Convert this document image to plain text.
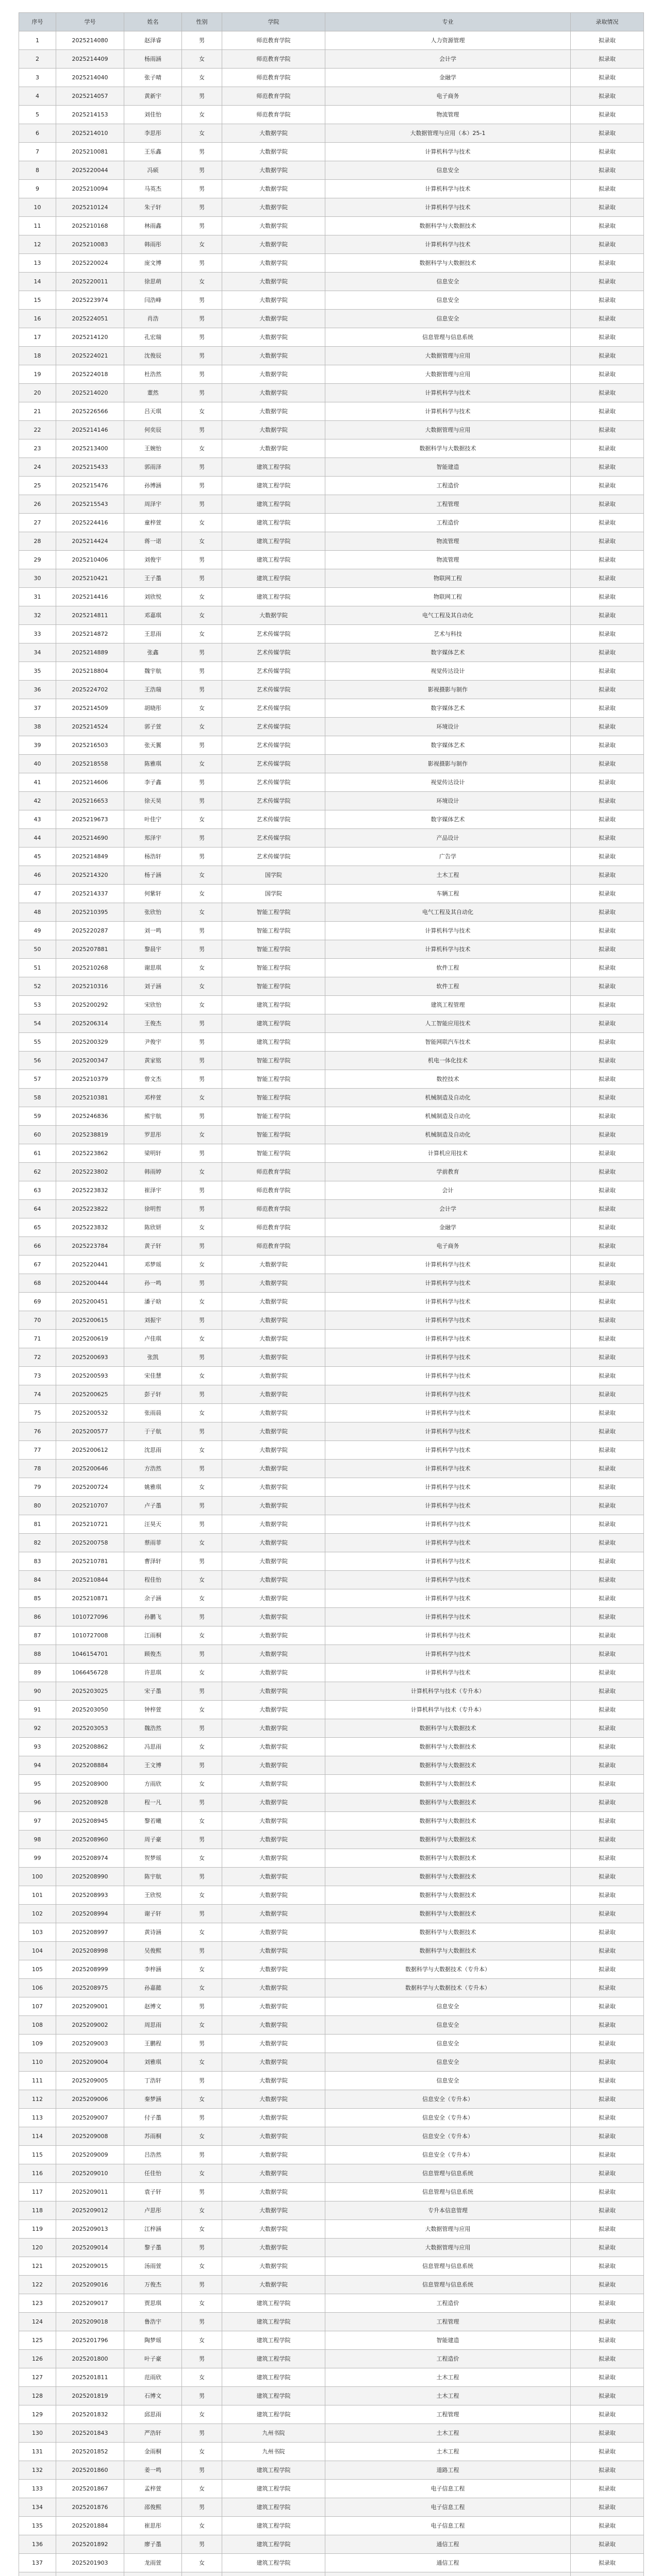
序号	学号	姓名	性别	学院	专业	录取情况
1	2025214080	赵泽睿	男	师范教育学院	人力资源管理	拟录取
2	2025214409	杨雨涵	女	师范教育学院	会计学	拟录取
3	2025214040	张子晴	女	师范教育学院	金融学	拟录取
4	2025214057	黄新宇	男	师范教育学院	电子商务	拟录取
5	2025214153	刘佳怡	女	师范教育学院	物流管理	拟录取
6	2025214010	李思彤	女	大数据学院	大数据管理与应用（本）25-1	拟录取
7	2025210081	王乐鑫	男	大数据学院	计算机科学与技术	拟录取
8	2025220044	冯硕	男	大数据学院	信息安全	拟录取
9	2025210094	马英杰	男	大数据学院	计算机科学与技术	拟录取
10	2025210124	朱子轩	男	大数据学院	计算机科学与技术	拟录取
11	2025210168	林雨鑫	男	大数据学院	数据科学与大数据技术	拟录取
12	2025210083	韩雨彤	女	大数据学院	计算机科学与技术	拟录取
13	2025220024	庞文博	男	大数据学院	数据科学与大数据技术	拟录取
14	2025220011	徐思萌	女	大数据学院	信息安全	拟录取
15	2025223974	闫浩峰	男	大数据学院	信息安全	拟录取
16	2025224051	肖浩	男	大数据学院	信息安全	拟录取
17	2025214120	孔宏瑞	男	大数据学院	信息管理与信息系统	拟录取
18	2025224021	沈俊辰	男	大数据学院	大数据管理与应用	拟录取
19	2025224018	杜浩然	男	大数据学院	大数据管理与应用	拟录取
20	2025214020	董然	男	大数据学院	计算机科学与技术	拟录取
21	2025226566	吕天琪	女	大数据学院	计算机科学与技术	拟录取
22	2025214146	何奕辰	男	大数据学院	大数据管理与应用	拟录取
23	2025213400	王婉怡	女	大数据学院	数据科学与大数据技术	拟录取
24	2025215433	郭雨泽	男	建筑工程学院	智能建造	拟录取
25	2025215476	孙博涵	男	建筑工程学院	工程造价	拟录取
26	2025215543	周泽宇	男	建筑工程学院	工程管理	拟录取
27	2025224416	童梓萱	女	建筑工程学院	工程造价	拟录取
28	2025214424	蒋一诺	女	建筑工程学院	物流管理	拟录取
29	2025210406	刘俊宇	男	建筑工程学院	物流管理	拟录取
30	2025210421	王子墨	男	建筑工程学院	物联网工程	拟录取
31	2025214416	刘欣悦	女	建筑工程学院	物联网工程	拟录取
32	2025214811	邓嘉琪	女	大数据学院	电气工程及其自动化	拟录取
33	2025214872	王思雨	女	艺术传媒学院	艺术与科技	拟录取
34	2025214889	张鑫	男	艺术传媒学院	数字媒体艺术	拟录取
35	2025218804	魏宇航	男	艺术传媒学院	视觉传达设计	拟录取
36	2025224702	王浩瑞	男	艺术传媒学院	影视摄影与制作	拟录取
37	2025214509	胡晓彤	女	艺术传媒学院	数字媒体艺术	拟录取
38	2025214524	郭子萱	女	艺术传媒学院	环境设计	拟录取
39	2025216503	张天翼	男	艺术传媒学院	数字媒体艺术	拟录取
40	2025218558	陈雅琪	女	艺术传媒学院	影视摄影与制作	拟录取
41	2025214606	李子鑫	男	艺术传媒学院	视觉传达设计	拟录取
42	2025216653	徐天昊	男	艺术传媒学院	环境设计	拟录取
43	2025219673	叶佳宁	女	艺术传媒学院	数字媒体艺术	拟录取
44	2025214690	郑泽宇	男	艺术传媒学院	产品设计	拟录取
45	2025214849	杨浩轩	男	艺术传媒学院	广告学	拟录取
46	2025214320	杨子涵	女	国学院	土木工程	拟录取
47	2025214337	何紫轩	女	国学院	车辆工程	拟录取
48	2025210395	张欣怡	女	智能工程学院	电气工程及其自动化	拟录取
49	2025220287	刘一鸣	男	智能工程学院	计算机科学与技术	拟录取
50	2025207881	黎晨宇	男	智能工程学院	计算机科学与技术	拟录取
51	2025210268	谢思琪	女	智能工程学院	软件工程	拟录取
52	2025210316	刘子涵	女	智能工程学院	软件工程	拟录取
53	2025200292	宋欣怡	女	建筑工程学院	建筑工程管理	拟录取
54	2025206314	王俊杰	男	建筑工程学院	人工智能应用技术	拟录取
55	2025200329	尹俊宇	男	建筑工程学院	智能网联汽车技术	拟录取
56	2025200347	黄家铭	男	智能工程学院	机电一体化技术	拟录取
57	2025210379	曾文杰	男	智能工程学院	数控技术	拟录取
58	2025210381	邓梓萱	女	智能工程学院	机械制造及自动化	拟录取
59	2025246836	熊宇航	男	智能工程学院	机械制造及自动化	拟录取
60	2025238819	罗思彤	女	智能工程学院	机械制造及自动化	拟录取
61	2025223862	梁明轩	男	智能工程学院	计算机应用技术	拟录取
62	2025223802	韩雨婷	女	师范教育学院	学前教育	拟录取
63	2025223832	崔泽宇	男	师范教育学院	会计	拟录取
64	2025223822	徐明哲	男	师范教育学院	会计学	拟录取
65	2025223832	陈欣妍	女	师范教育学院	金融学	拟录取
66	2025223784	黄子轩	男	师范教育学院	电子商务	拟录取
67	2025220441	邓梦瑶	女	大数据学院	计算机科学与技术	拟录取
68	2025200444	孙一鸣	男	大数据学院	计算机科学与技术	拟录取
69	2025200451	潘子晗	女	大数据学院	计算机科学与技术	拟录取
70	2025200615	刘振宇	男	大数据学院	计算机科学与技术	拟录取
71	2025200619	卢佳琪	女	大数据学院	计算机科学与技术	拟录取
72	2025200693	张凯	男	大数据学院	计算机科学与技术	拟录取
73	2025200593	宋佳慧	女	大数据学院	计算机科学与技术	拟录取
74	2025200625	彭子轩	男	大数据学院	计算机科学与技术	拟录取
75	2025200532	张雨晨	女	大数据学院	计算机科学与技术	拟录取
76	2025200577	于子航	男	大数据学院	计算机科学与技术	拟录取
77	2025200612	沈思雨	女	大数据学院	计算机科学与技术	拟录取
78	2025200646	方浩然	男	大数据学院	计算机科学与技术	拟录取
79	2025200724	姚雅琪	女	大数据学院	计算机科学与技术	拟录取
80	2025210707	卢子墨	男	大数据学院	计算机科学与技术	拟录取
81	2025210721	汪昊天	男	大数据学院	计算机科学与技术	拟录取
82	2025200758	蔡雨菲	女	大数据学院	计算机科学与技术	拟录取
83	2025210781	曹泽轩	男	大数据学院	计算机科学与技术	拟录取
84	2025210844	程佳怡	女	大数据学院	计算机科学与技术	拟录取
85	2025210871	余子涵	女	大数据学院	计算机科学与技术	拟录取
86	1010727096	孙鹏飞	男	大数据学院	计算机科学与技术	拟录取
87	1010727008	江雨桐	女	大数据学院	计算机科学与技术	拟录取
88	1046154701	顾俊杰	男	大数据学院	计算机科学与技术	拟录取
89	1066456728	许思琪	女	大数据学院	计算机科学与技术	拟录取
90	2025203025	宋子墨	男	大数据学院	计算机科学与技术（专升本）	拟录取
91	2025203050	钟梓萱	女	大数据学院	计算机科学与技术（专升本）	拟录取
92	2025203053	魏浩然	男	大数据学院	数据科学与大数据技术	拟录取
93	2025208862	冯思雨	女	大数据学院	数据科学与大数据技术	拟录取
94	2025208884	王文博	男	大数据学院	数据科学与大数据技术	拟录取
95	2025208900	方雨欣	女	大数据学院	数据科学与大数据技术	拟录取
96	2025208928	程一凡	男	大数据学院	数据科学与大数据技术	拟录取
97	2025208945	黎若曦	女	大数据学院	数据科学与大数据技术	拟录取
98	2025208960	周子豪	男	大数据学院	数据科学与大数据技术	拟录取
99	2025208974	贺梦瑶	女	大数据学院	数据科学与大数据技术	拟录取
100	2025208990	陈宇航	男	大数据学院	数据科学与大数据技术	拟录取
101	2025208993	王欣悦	女	大数据学院	数据科学与大数据技术	拟录取
102	2025208994	谢子轩	男	大数据学院	数据科学与大数据技术	拟录取
103	2025208997	黄诗涵	女	大数据学院	数据科学与大数据技术	拟录取
104	2025208998	吴俊熙	男	大数据学院	数据科学与大数据技术	拟录取
105	2025208999	李梓涵	女	大数据学院	数据科学与大数据技术（专升本）	拟录取
106	2025208975	孙嘉懿	女	大数据学院	数据科学与大数据技术（专升本）	拟录取
107	2025209001	赵博文	男	大数据学院	信息安全	拟录取
108	2025209002	周思雨	女	大数据学院	信息安全	拟录取
109	2025209003	王鹏程	男	大数据学院	信息安全	拟录取
110	2025209004	刘雅琪	女	大数据学院	信息安全	拟录取
111	2025209005	丁浩轩	男	大数据学院	信息安全	拟录取
112	2025209006	秦梦涵	女	大数据学院	信息安全（专升本）	拟录取
113	2025209007	付子墨	男	大数据学院	信息安全（专升本）	拟录取
114	2025209008	苏雨桐	女	大数据学院	信息安全（专升本）	拟录取
115	2025209009	吕浩然	男	大数据学院	信息安全（专升本）	拟录取
116	2025209010	任佳怡	女	大数据学院	信息管理与信息系统	拟录取
117	2025209011	袁子轩	男	大数据学院	信息管理与信息系统	拟录取
118	2025209012	卢思彤	女	大数据学院	专升本信息管理	拟录取
119	2025209013	江梓涵	女	大数据学院	大数据管理与应用	拟录取
120	2025209014	黎子墨	男	大数据学院	大数据管理与应用	拟录取
121	2025209015	汤雨萱	女	大数据学院	信息管理与信息系统	拟录取
122	2025209016	万俊杰	男	大数据学院	信息管理与信息系统	拟录取
123	2025209017	贾思琪	女	建筑工程学院	工程造价	拟录取
124	2025209018	鲁浩宇	男	建筑工程学院	工程管理	拟录取
125	2025201796	陶梦瑶	女	建筑工程学院	智能建造	拟录取
126	2025201800	叶子豪	男	建筑工程学院	工程造价	拟录取
127	2025201811	范雨欣	女	建筑工程学院	土木工程	拟录取
128	2025201819	石博文	男	建筑工程学院	土木工程	拟录取
129	2025201832	邱思雨	女	建筑工程学院	工程管理	拟录取
130	2025201843	严浩轩	男	九州书院	土木工程	拟录取
131	2025201852	金雨桐	女	九州书院	土木工程	拟录取
132	2025201860	姜一鸣	男	建筑工程学院	道路工程	拟录取
133	2025201867	孟梓萱	女	建筑工程学院	电子信息工程	拟录取
134	2025201876	邵俊熙	男	建筑工程学院	电子信息工程	拟录取
135	2025201884	崔思彤	女	建筑工程学院	电子信息工程	拟录取
136	2025201892	廖子墨	男	建筑工程学院	通信工程	拟录取
137	2025201903	龙雨萱	女	建筑工程学院	通信工程	拟录取
